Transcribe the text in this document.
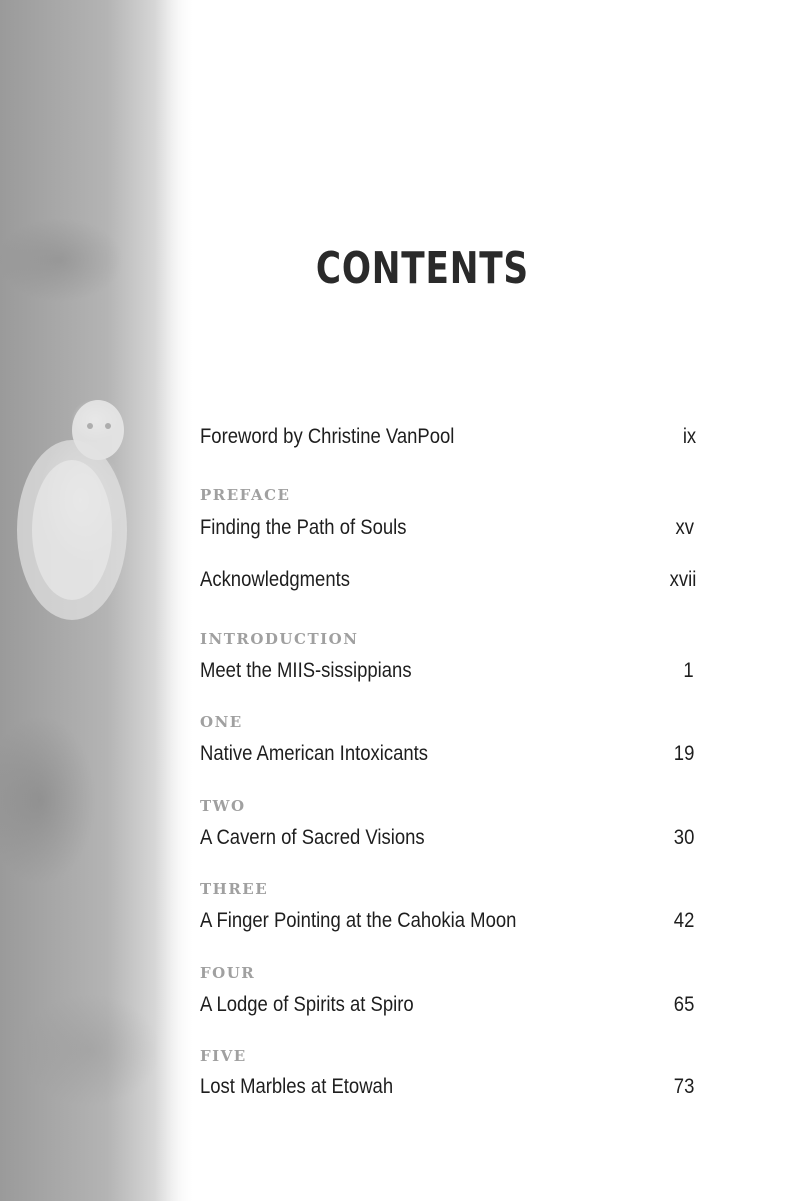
CONTENTS
Foreword by Christine VanPool	ix
PREFACE
Finding the Path of Souls	xv
Acknowledgments	xvii
INTRODUCTION
Meet the MIIS-sissippians	1
ONE
Native American Intoxicants	19
TWO
A Cavern of Sacred Visions	30
THREE
A Finger Pointing at the Cahokia Moon	42
FOUR
A Lodge of Spirits at Spiro	65
FIVE
Lost Marbles at Etowah	73
